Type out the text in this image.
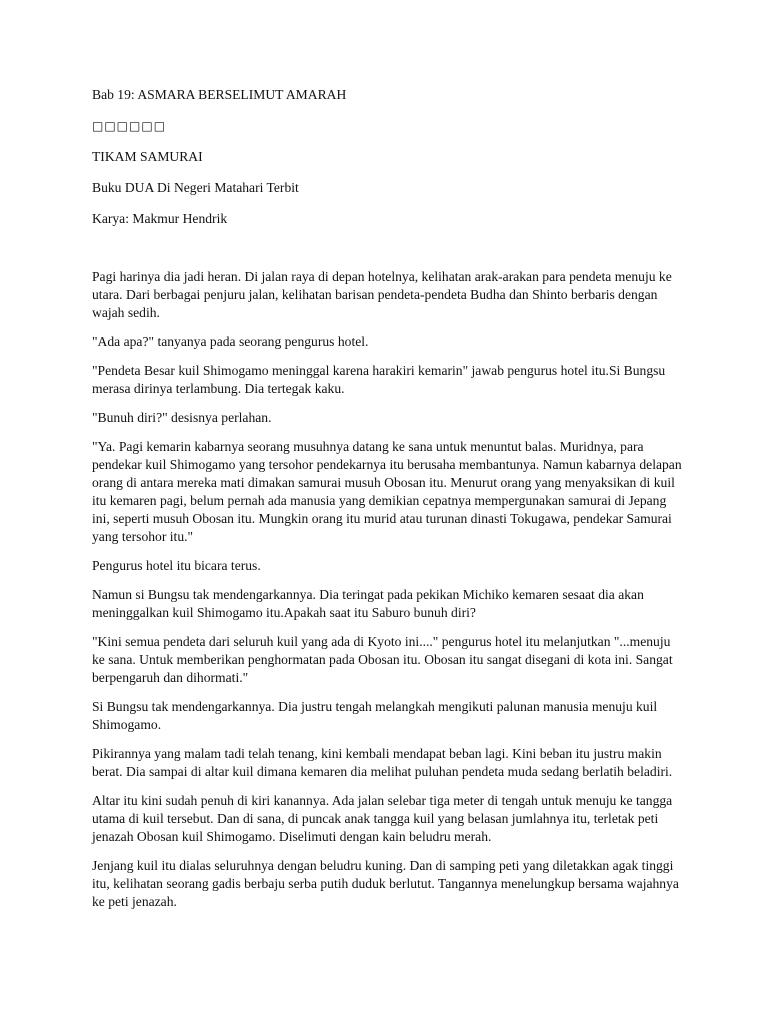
Bab 19: ASMARA BERSELIMUT AMARAH
□□□□□□
TIKAM SAMURAI
Buku DUA Di Negeri Matahari Terbit
Karya: Makmur Hendrik

Pagi harinya dia jadi heran. Di jalan raya di depan hotelnya, kelihatan arak-arakan para pendeta menuju ke utara. Dari berbagai penjuru jalan, kelihatan barisan pendeta-pendeta Budha dan Shinto berbaris dengan wajah sedih.

"Ada apa?" tanyanya pada seorang pengurus hotel.

"Pendeta Besar kuil Shimogamo meninggal karena harakiri kemarin" jawab pengurus hotel itu.Si Bungsu merasa dirinya terlambung. Dia tertegak kaku.

"Bunuh diri?" desisnya perlahan.

"Ya. Pagi kemarin kabarnya seorang musuhnya datang ke sana untuk menuntut balas. Muridnya, para pendekar kuil Shimogamo yang tersohor pendekarnya itu berusaha membantunya. Namun kabarnya delapan orang di antara mereka mati dimakan samurai musuh Obosan itu. Menurut orang yang menyaksikan di kuil itu kemaren pagi, belum pernah ada manusia yang demikian cepatnya mempergunakan samurai di Jepang ini, seperti musuh Obosan itu. Mungkin orang itu murid atau turunan dinasti Tokugawa, pendekar Samurai yang tersohor itu."

Pengurus hotel itu bicara terus.

Namun si Bungsu tak mendengarkannya. Dia teringat pada pekikan Michiko kemaren sesaat dia akan meninggalkan kuil Shimogamo itu.Apakah saat itu Saburo bunuh diri?

"Kini semua pendeta dari seluruh kuil yang ada di Kyoto ini...." pengurus hotel itu melanjutkan "...menuju ke sana. Untuk memberikan penghormatan pada Obosan itu. Obosan itu sangat disegani di kota ini. Sangat berpengaruh dan dihormati."

Si Bungsu tak mendengarkannya. Dia justru tengah melangkah mengikuti palunan manusia menuju kuil Shimogamo.

Pikirannya yang malam tadi telah tenang, kini kembali mendapat beban lagi. Kini beban itu justru makin berat. Dia sampai di altar kuil dimana kemaren dia melihat puluhan pendeta muda sedang berlatih beladiri.

Altar itu kini sudah penuh di kiri kanannya. Ada jalan selebar tiga meter di tengah untuk menuju ke tangga utama di kuil tersebut. Dan di sana, di puncak anak tangga kuil yang belasan jumlahnya itu, terletak peti jenazah Obosan kuil Shimogamo. Diselimuti dengan kain beludru merah.

Jenjang kuil itu dialas seluruhnya dengan beludru kuning. Dan di samping peti yang diletakkan agak tinggi itu, kelihatan seorang gadis berbaju serba putih duduk berlutut. Tangannya menelungkup bersama wajahnya ke peti jenazah.
